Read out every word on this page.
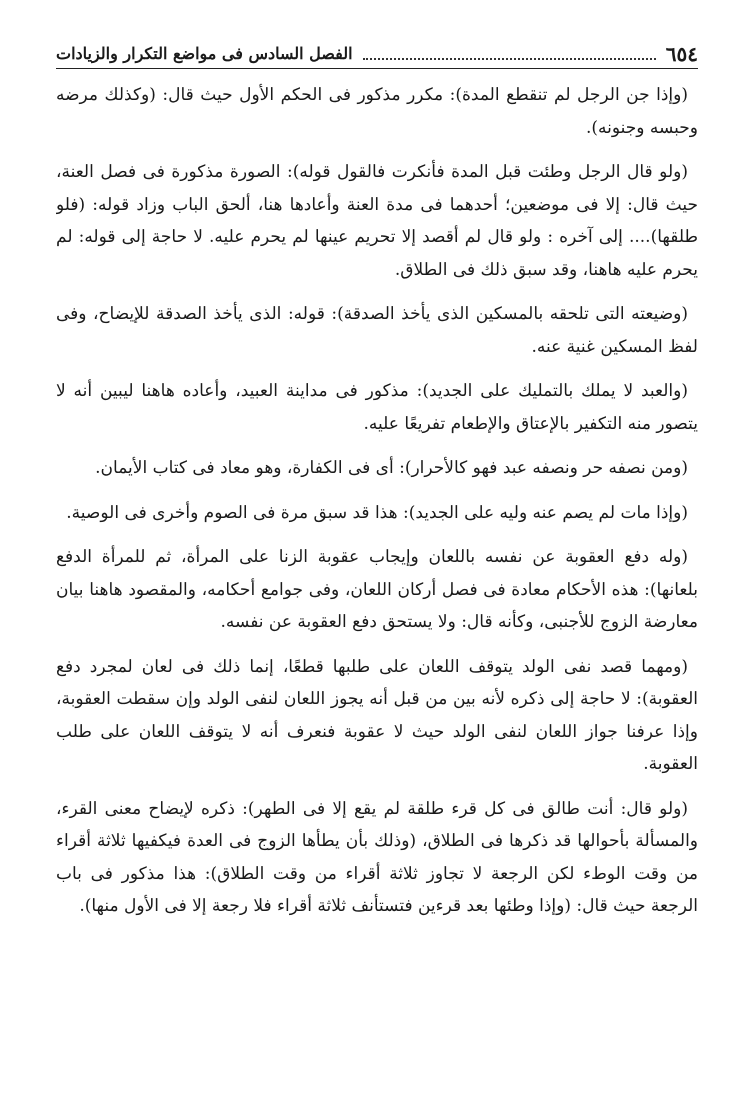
٦٥٤
الفصل السادس فى مواضع التكرار والزيادات

(وإذا جن الرجل لم تنقطع المدة): مكرر مذكور فى الحكم الأول حيث قال: (وكذلك مرضه وحبسه وجنونه).

(ولو قال الرجل وطئت قبل المدة فأنكرت فالقول قوله): الصورة مذكورة فى فصل العنة، حيث قال: إلا فى موضعين؛ أحدهما فى مدة العنة وأعادها هنا، ألحق الباب وزاد قوله: (فلو طلقها).... إلى آخره : ولو قال لم أقصد إلا تحريم عينها لم يحرم عليه. لا حاجة إلى قوله: لم يحرم عليه هاهنا، وقد سبق ذلك فى الطلاق.

(وضيعته التى تلحقه بالمسكين الذى يأخذ الصدقة): قوله: الذى يأخذ الصدقة للإيضاح، وفى لفظ المسكين غنية عنه.

(والعبد لا يملك بالتمليك على الجديد): مذكور فى مداينة العبيد، وأعاده هاهنا ليبين أنه لا يتصور منه التكفير بالإعتاق والإطعام تفريعًا عليه.

(ومن نصفه حر ونصفه عبد فهو كالأحرار): أى فى الكفارة، وهو معاد فى كتاب الأيمان.

(وإذا مات لم يصم عنه وليه على الجديد): هذا قد سبق مرة فى الصوم وأخرى فى الوصية.

(وله دفع العقوبة عن نفسه باللعان وإيجاب عقوبة الزنا على المرأة، ثم للمرأة الدفع بلعانها): هذه الأحكام معادة فى فصل أركان اللعان، وفى جوامع أحكامه، والمقصود هاهنا بيان معارضة الزوج للأجنبى، وكأنه قال: ولا يستحق دفع العقوبة عن نفسه.

(ومهما قصد نفى الولد يتوقف اللعان على طلبها قطعًا، إنما ذلك فى لعان لمجرد دفع العقوبة): لا حاجة إلى ذكره لأنه بين من قبل أنه يجوز اللعان لنفى الولد وإن سقطت العقوبة، وإذا عرفنا جواز اللعان لنفى الولد حيث لا عقوبة فنعرف أنه لا يتوقف اللعان على طلب العقوبة.

(ولو قال: أنت طالق فى كل قرء طلقة لم يقع إلا فى الطهر): ذكره لإيضاح معنى القرء، والمسألة بأحوالها قد ذكرها فى الطلاق، (وذلك بأن يطأها الزوج فى العدة فيكفيها ثلاثة أقراء من وقت الوطء لكن الرجعة لا تجاوز ثلاثة أقراء من وقت الطلاق): هذا مذكور فى باب الرجعة حيث قال: (وإذا وطئها بعد قرءين فتستأنف ثلاثة أقراء فلا رجعة إلا فى الأول منها).
